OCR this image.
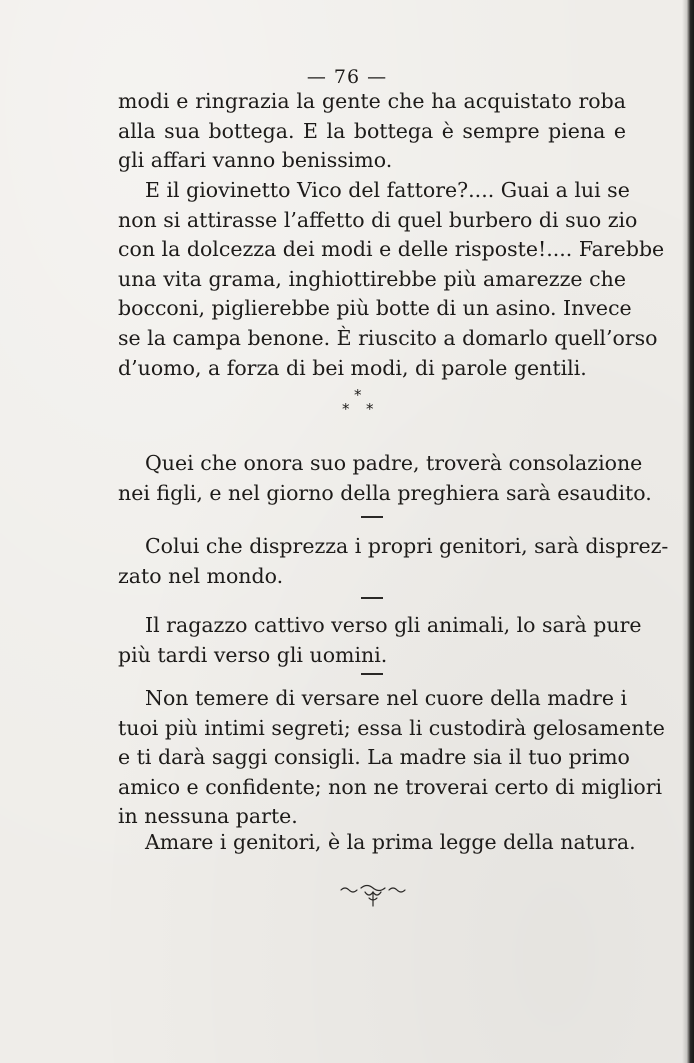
— 76 —
modi e ringrazia la gente che ha acquistato roba
alla sua bottega. E la bottega è sempre piena e
gli affari vanno benissimo.
E il giovinetto Vico del fattore?.... Guai a lui se
non si attirasse l’affetto di quel burbero di suo zio
con la dolcezza dei modi e delle risposte!.... Farebbe
una vita grama, inghiottirebbe più amarezze che
bocconi, piglierebbe più botte di un asino. Invece
se la campa benone. È riuscito a domarlo quell’orso
d’uomo, a forza di bei modi, di parole gentili.
*
* *
Quei che onora suo padre, troverà consolazione
nei figli, e nel giorno della preghiera sarà esaudito.
Colui che disprezza i propri genitori, sarà disprez-
zato nel mondo.
Il ragazzo cattivo verso gli animali, lo sarà pure
più tardi verso gli uomini.
Non temere di versare nel cuore della madre i
tuoi più intimi segreti; essa li custodirà gelosamente
e ti darà saggi consigli. La madre sia il tuo primo
amico e confidente; non ne troverai certo di migliori
in nessuna parte.
Amare i genitori, è la prima legge della natura.
